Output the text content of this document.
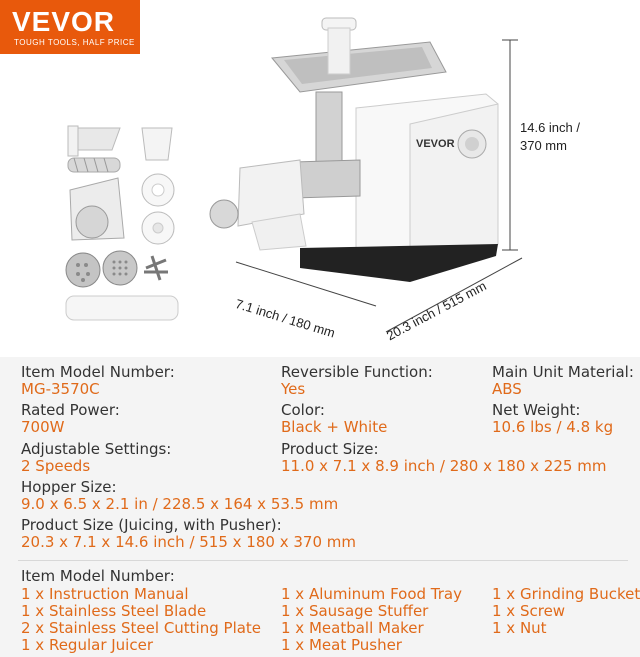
VEVOR
TOUGH TOOLS, HALF PRICE
VEVOR
14.6 inch /
370 mm
7.1 inch / 180 mm	20.3 inch / 515 mm
Item Model Number:
MG-3570C
Reversible Function:
Yes
Main Unit Material:
ABS
Rated Power:
700W
Color:
Black + White
Net Weight:
10.6 lbs / 4.8 kg
Adjustable Settings:
2 Speeds
Product Size:
11.0 x 7.1 x 8.9 inch / 280 x 180 x 225 mm
Hopper Size:
9.0 x 6.5 x 2.1 in / 228.5 x 164 x 53.5 mm
Product Size (Juicing, with Pusher):
20.3 x 7.1 x 14.6 inch / 515 x 180 x 370 mm
Item Model Number:
1 x Instruction Manual
1 x Stainless Steel Blade
2 x Stainless Steel Cutting Plate
1 x Regular Juicer
1 x Aluminum Food Tray
1 x Sausage Stuffer
1 x Meatball Maker
1 x Meat Pusher
1 x Grinding Bucket
1 x Screw
1 x Nut
